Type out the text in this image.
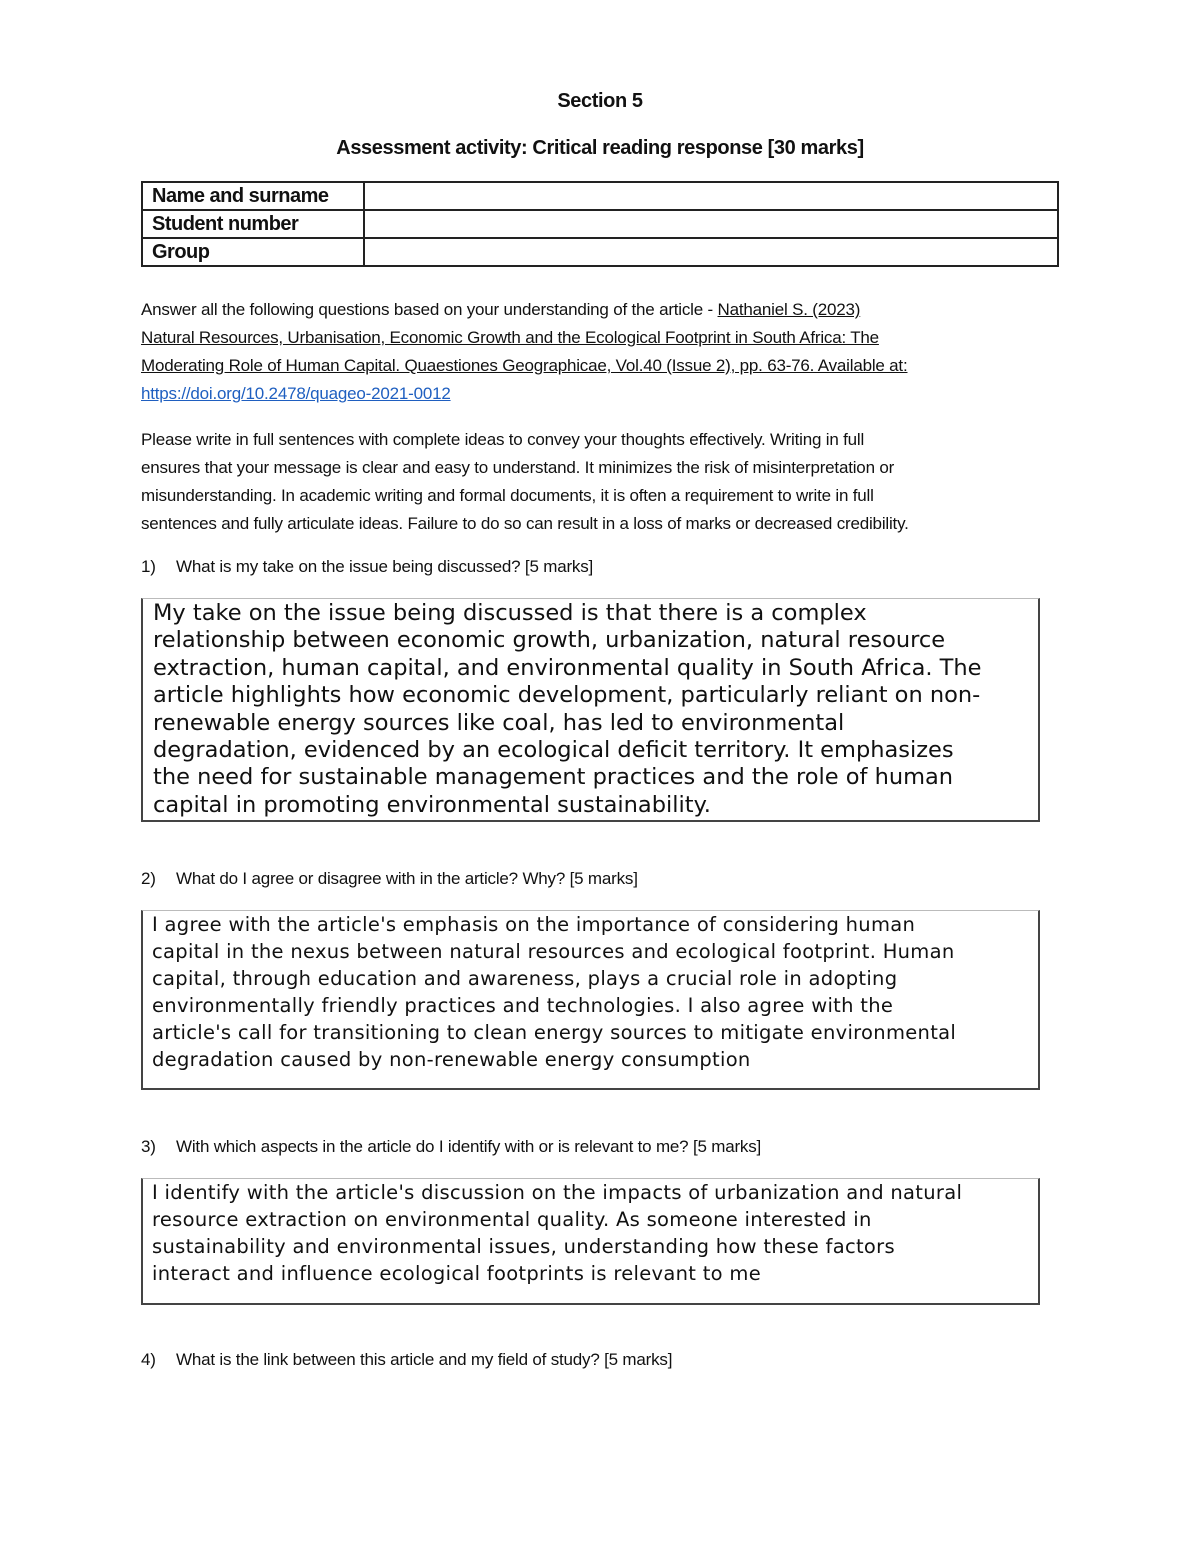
Section 5
Assessment activity: Critical reading response [30 marks]
Name and surname	
Student number	
Group	
Answer all the following questions based on your understanding of the article - Nathaniel S. (2023)
Natural Resources, Urbanisation, Economic Growth and the Ecological Footprint in South Africa: The
Moderating Role of Human Capital. Quaestiones Geographicae, Vol.40 (Issue 2), pp. 63-76. Available at:
https://doi.org/10.2478/quageo-2021-0012
Please write in full sentences with complete ideas to convey your thoughts effectively. Writing in full
ensures that your message is clear and easy to understand. It minimizes the risk of misinterpretation or
misunderstanding. In academic writing and formal documents, it is often a requirement to write in full
sentences and fully articulate ideas. Failure to do so can result in a loss of marks or decreased credibility.
1) What is my take on the issue being discussed? [5 marks]
My take on the issue being discussed is that there is a complex
relationship between economic growth, urbanization, natural resource
extraction, human capital, and environmental quality in South Africa. The
article highlights how economic development, particularly reliant on non-
renewable energy sources like coal, has led to environmental
degradation, evidenced by an ecological deficit territory. It emphasizes
the need for sustainable management practices and the role of human
capital in promoting environmental sustainability.
2) What do I agree or disagree with in the article? Why? [5 marks]
I agree with the article's emphasis on the importance of considering human
capital in the nexus between natural resources and ecological footprint. Human
capital, through education and awareness, plays a crucial role in adopting
environmentally friendly practices and technologies. I also agree with the
article's call for transitioning to clean energy sources to mitigate environmental
degradation caused by non-renewable energy consumption
3) With which aspects in the article do I identify with or is relevant to me? [5 marks]
I identify with the article's discussion on the impacts of urbanization and natural
resource extraction on environmental quality. As someone interested in
sustainability and environmental issues, understanding how these factors
interact and influence ecological footprints is relevant to me
4) What is the link between this article and my field of study? [5 marks]
